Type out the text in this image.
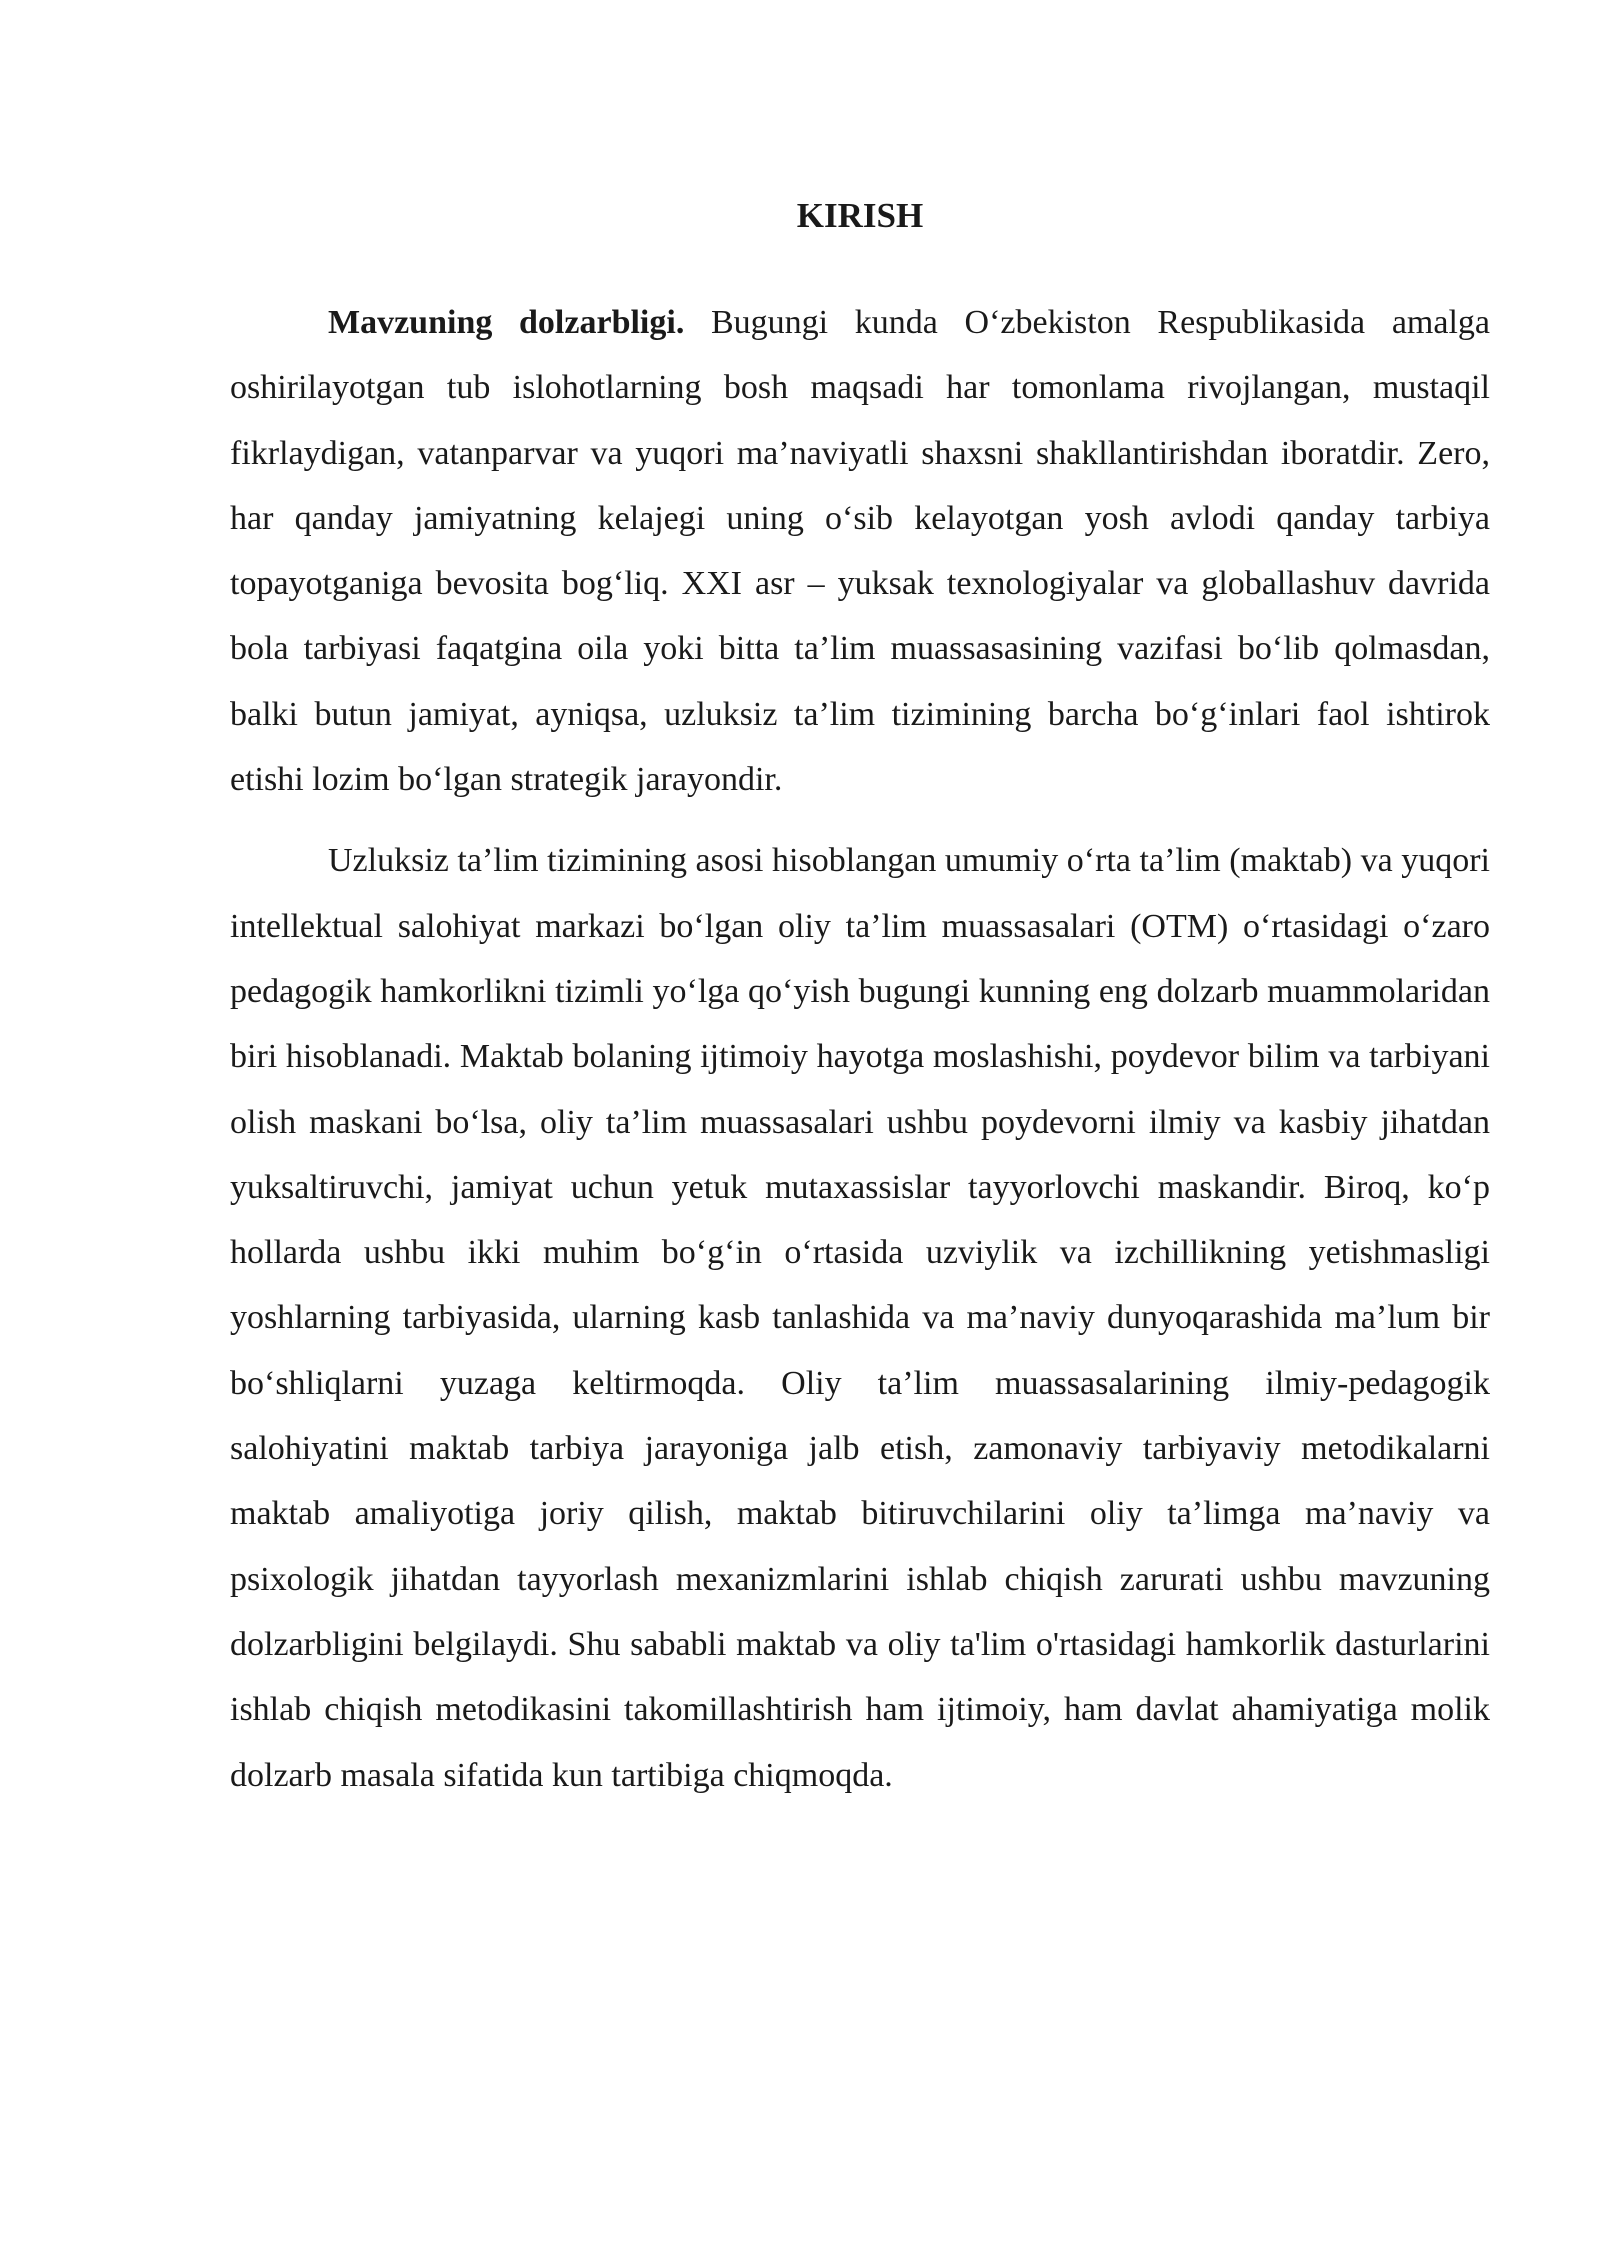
KIRISH

Mavzuning dolzarbligi. Bugungi kunda O‘zbekiston Respublikasida amalga oshirilayotgan tub islohotlarning bosh maqsadi har tomonlama rivojlangan, mustaqil fikrlaydigan, vatanparvar va yuqori ma’naviyatli shaxsni shakllantirishdan iboratdir. Zero, har qanday jamiyatning kelajegi uning o‘sib kelayotgan yosh avlodi qanday tarbiya topayotganiga bevosita bog‘liq. XXI asr – yuksak texnologiyalar va globallashuv davrida bola tarbiyasi faqatgina oila yoki bitta ta’lim muassasasining vazifasi bo‘lib qolmasdan, balki butun jamiyat, ayniqsa, uzluksiz ta’lim tizimining barcha bo‘g‘inlari faol ishtirok etishi lozim bo‘lgan strategik jarayondir.

Uzluksiz ta’lim tizimining asosi hisoblangan umumiy o‘rta ta’lim (maktab) va yuqori intellektual salohiyat markazi bo‘lgan oliy ta’lim muassasalari (OTM) o‘rtasidagi o‘zaro pedagogik hamkorlikni tizimli yo‘lga qo‘yish bugungi kunning eng dolzarb muammolaridan biri hisoblanadi. Maktab bolaning ijtimoiy hayotga moslashishi, poydevor bilim va tarbiyani olish maskani bo‘lsa, oliy ta’lim muassasalari ushbu poydevorni ilmiy va kasbiy jihatdan yuksaltiruvchi, jamiyat uchun yetuk mutaxassislar tayyorlovchi maskandir. Biroq, ko‘p hollarda ushbu ikki muhim bo‘g‘in o‘rtasida uzviylik va izchillikning yetishmasligi yoshlarning tarbiyasida, ularning kasb tanlashida va ma’naviy dunyoqarashida ma’lum bir bo‘shliqlarni yuzaga keltirmoqda. Oliy ta’lim muassasalarining ilmiy-pedagogik salohiyatini maktab tarbiya jarayoniga jalb etish, zamonaviy tarbiyaviy metodikalarni maktab amaliyotiga joriy qilish, maktab bitiruvchilarini oliy ta’limga ma’naviy va psixologik jihatdan tayyorlash mexanizmlarini ishlab chiqish zarurati ushbu mavzuning dolzarbligini belgilaydi. Shu sababli maktab va oliy ta'lim o'rtasidagi hamkorlik dasturlarini ishlab chiqish metodikasini takomillashtirish ham ijtimoiy, ham davlat ahamiyatiga molik dolzarb masala sifatida kun tartibiga chiqmoqda.
